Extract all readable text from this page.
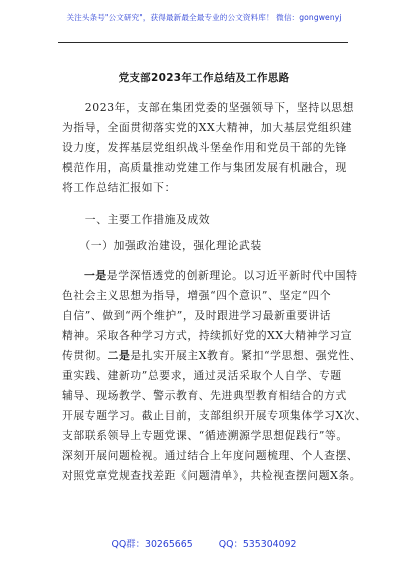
关注头条号"公文研究"，获得最新最全最专业的公文资料库！ 微信：gongwenyj
党支部2023年工作总结及工作思路
　　2023年，支部在集团党委的坚强领导下，坚持以思想
为指导，全面贯彻落实党的XX大精神，加大基层党组织建
设力度，发挥基层党组织战斗堡垒作用和党员干部的先锋
模范作用，高质量推动党建工作与集团发展有机融合，现
将工作总结汇报如下：
　　一、主要工作措施及成效
　　（一）加强政治建设，强化理论武装
一是是学深悟透党的创新理论。以习近平新时代中国特
色社会主义思想为指导，增强“四个意识”、坚定“四个
自信”、做到“两个维护”，及时跟进学习最新重要讲话
精神。采取各种学习方式，持续抓好党的XX大精神学习宣
传贯彻。二是是扎实开展主X教育。紧扣“学思想、强党性、
重实践、建新功”总要求，通过灵活采取个人自学、专题
辅导、现场教学、警示教育、先进典型教育相结合的方式
开展专题学习。截止目前，支部组织开展专项集体学习X次、
支部联系领导上专题党课、“循迹溯源学思想促践行”等。
深刻开展问题检视。通过结合上年度问题梳理、个人查摆、
对照党章党规查找差距《问题清单》，共检视查摆问题X条。
QQ群：30265665	QQ：535304092
